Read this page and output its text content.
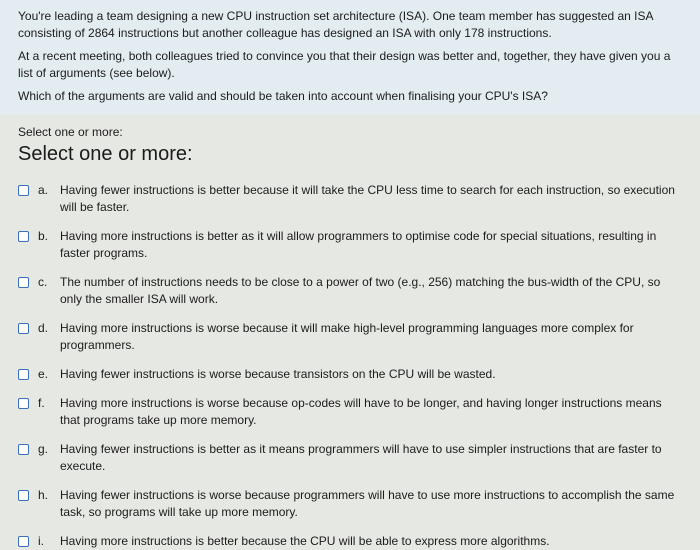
You're leading a team designing a new CPU instruction set architecture (ISA). One team member has suggested an ISA consisting of 2864 instructions but another colleague has designed an ISA with only 178 instructions.

At a recent meeting, both colleagues tried to convince you that their design was better and, together, they have given you a list of arguments (see below).

Which of the arguments are valid and should be taken into account when finalising your CPU's ISA?

Select one or more:
Select one or more:
a. Having fewer instructions is better because it will take the CPU less time to search for each instruction, so execution will be faster.
b. Having more instructions is better as it will allow programmers to optimise code for special situations, resulting in faster programs.
c.	The number of instructions needs to be close to a power of two (e.g., 256) matching the bus-width of the CPU, so only the smaller ISA will work.
d. Having more instructions is worse because it will make high-level programming languages more complex for programmers.
e. Having fewer instructions is worse because transistors on the CPU will be wasted.
f.	Having more instructions is worse because op-codes will have to be longer, and having longer instructions means that programs take up more memory.
g. Having fewer instructions is better as it means programmers will have to use simpler instructions that are faster to execute.
h. Having fewer instructions is worse because programmers will have to use more instructions to accomplish the same task, so programs will take up more memory.
i.	Having more instructions is better because the CPU will be able to express more algorithms.
